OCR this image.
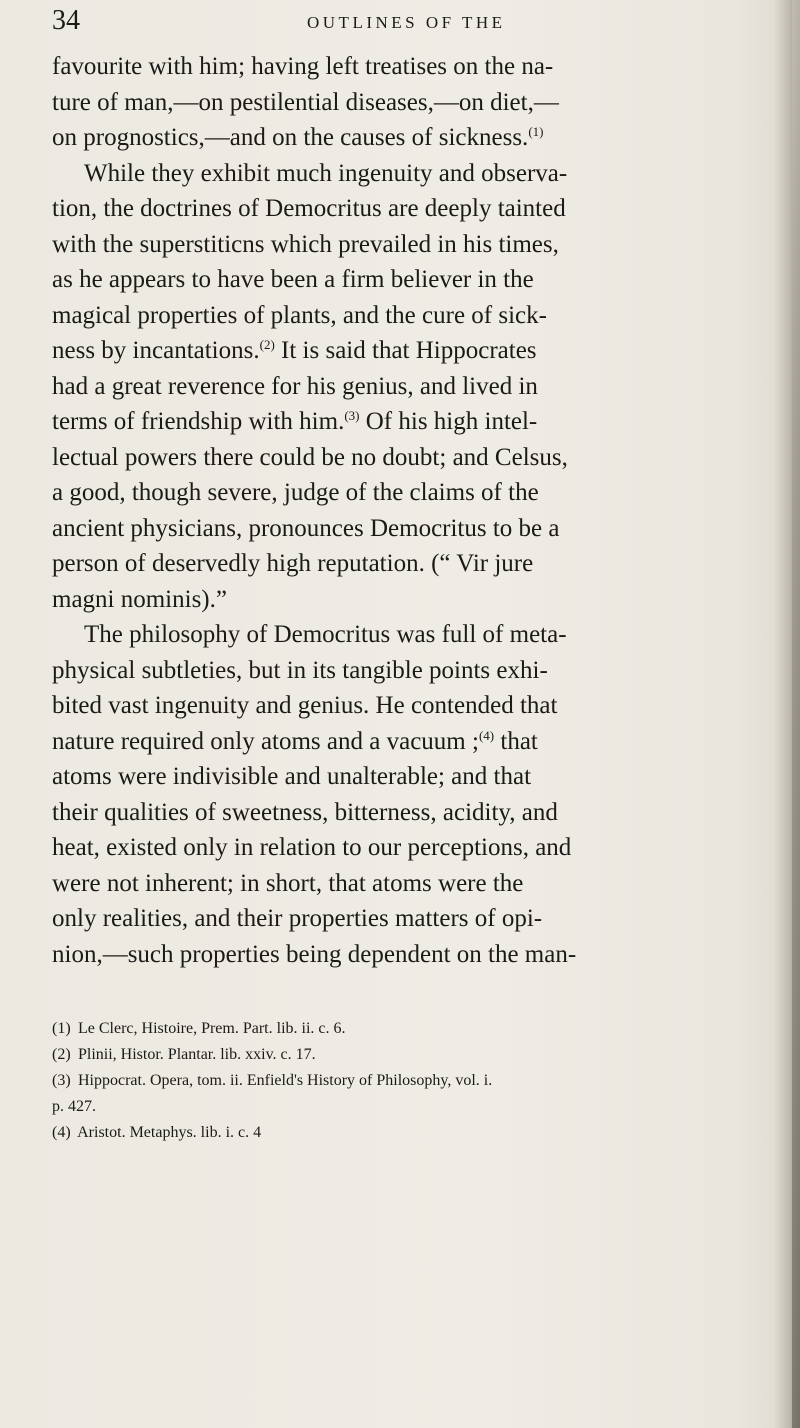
34	OUTLINES OF THE
favourite with him; having left treatises on the na-
ture of man,—on pestilential diseases,—on diet,—
on prognostics,—and on the causes of sickness.$^{(1)}$
While they exhibit much ingenuity and observa-
tion, the doctrines of Democritus are deeply tainted
with the superstiticns which prevailed in his times,
as he appears to have been a firm believer in the
magical properties of plants, and the cure of sick-
ness by incantations.$^{(2)}$ It is said that Hippocrates
had a great reverence for his genius, and lived in
terms of friendship with him.$^{(3)}$ Of his high intel-
lectual powers there could be no doubt; and Celsus,
a good, though severe, judge of the claims of the
ancient physicians, pronounces Democritus to be a
person of deservedly high reputation. (“ Vir jure
magni nominis).”
The philosophy of Democritus was full of meta-
physical subtleties, but in its tangible points exhi-
bited vast ingenuity and genius. He contended that
nature required only atoms and a vacuum ;$^{(4)}$ that
atoms were indivisible and unalterable; and that
their qualities of sweetness, bitterness, acidity, and
heat, existed only in relation to our perceptions, and
were not inherent; in short, that atoms were the
only realities, and their properties matters of opi-
nion,—such properties being dependent on the man-
(1) Le Clerc, Histoire, Prem. Part. lib. ii. c. 6.
(2) Plinii, Histor. Plantar. lib. xxiv. c. 17.
(3) Hippocrat. Opera, tom. ii. Enfield's History of Philosophy, vol. i.
p. 427.
(4) Aristot. Metaphys. lib. i. c. 4
